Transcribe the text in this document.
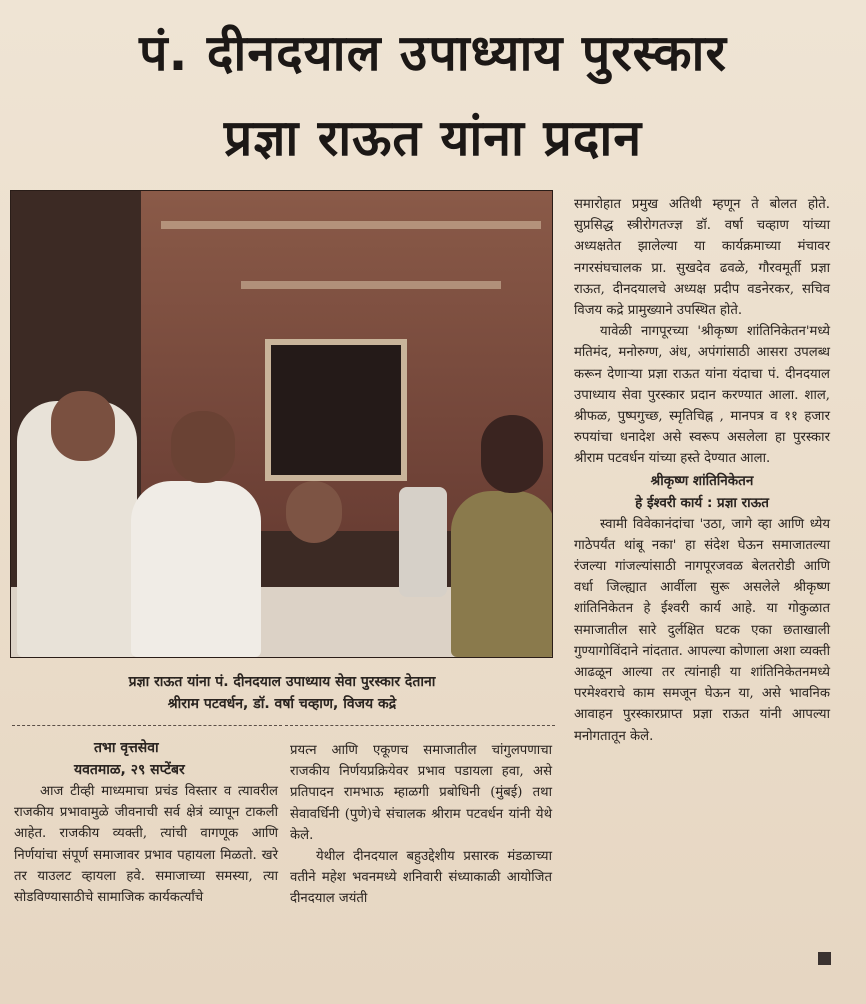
पं. दीनदयाल उपाध्याय पुरस्कार
प्रज्ञा राऊत यांना प्रदान
प्रज्ञा राऊत यांना पं. दीनदयाल उपाध्याय सेवा पुरस्कार देताना
श्रीराम पटवर्धन, डॉ. वर्षा चव्हाण, विजय कद्रे
तभा वृत्तसेवा
यवतमाळ, २९ सप्टेंबर

आज टीव्ही माध्यमाचा प्रचंड विस्तार व त्यावरील राजकीय प्रभावामुळे जीवनाची सर्व क्षेत्रं व्यापून टाकली आहेत. राजकीय व्यक्ती, त्यांची वागणूक आणि निर्णयांचा संपूर्ण समाजावर प्रभाव पहायला मिळतो. खरे तर याउलट व्हायला हवे. समाजाच्या समस्या, त्या सोडविण्यासाठीचे सामाजिक कार्यकर्त्यांचे

प्रयत्न आणि एकूणच समाजातील चांगुलपणाचा राजकीय निर्णयप्रक्रियेवर प्रभाव पडायला हवा, असे प्रतिपादन रामभाऊ म्हाळगी प्रबोधिनी (मुंबई) तथा सेवावर्धिनी (पुणे)चे संचालक श्रीराम पटवर्धन यांनी येथे केले.

येथील दीनदयाल बहुउद्देशीय प्रसारक मंडळाच्या वतीने महेश भवनमध्ये शनिवारी संध्याकाळी आयोजित दीनदयाल जयंती

समारोहात प्रमुख अतिथी म्हणून ते बोलत होते. सुप्रसिद्ध स्त्रीरोगतज्ज्ञ डॉ. वर्षा चव्हाण यांच्या अध्यक्षतेत झालेल्या या कार्यक्रमाच्या मंचावर नगरसंघचालक प्रा. सुखदेव ढवळे, गौरवमूर्ती प्रज्ञा राऊत, दीनदयालचे अध्यक्ष प्रदीप वडनेरकर, सचिव विजय कद्रे प्रामुख्याने उपस्थित होते.

यावेळी नागपूरच्या 'श्रीकृष्ण शांतिनिकेतन'मध्ये मतिमंद, मनोरुग्ण, अंध, अपंगांसाठी आसरा उपलब्ध करून देणाऱ्या प्रज्ञा राऊत यांना यंदाचा पं. दीनदयाल उपाध्याय सेवा पुरस्कार प्रदान करण्यात आला. शाल, श्रीफळ, पुष्पगुच्छ, स्मृतिचिह्न , मानपत्र व ११ हजार रुपयांचा धनादेश असे स्वरूप असलेला हा पुरस्कार श्रीराम पटवर्धन यांच्या हस्ते देण्यात आला.

श्रीकृष्ण शांतिनिकेतन

हे ईश्वरी कार्य : प्रज्ञा राऊत

स्वामी विवेकानंदांचा 'उठा, जागे व्हा आणि ध्येय गाठेपर्यंत थांबू नका' हा संदेश घेऊन समाजातल्या रंजल्या गांजल्यांसाठी नागपूरजवळ बेलतरोडी आणि वर्धा जिल्ह्यात आर्वीला सुरू असलेले श्रीकृष्ण शांतिनिकेतन हे ईश्वरी कार्य आहे. या गोकुळात समाजातील सारे दुर्लक्षित घटक एका छताखाली गुण्यागोविंदाने नांदतात. आपल्या कोणाला अशा व्यक्ती आढळून आल्या तर त्यांनाही या शांतिनिकेतनमध्ये परमेश्वराचे काम समजून घेऊन या, असे भावनिक आवाहन पुरस्कारप्राप्त प्रज्ञा राऊत यांनी आपल्या मनोगतातून केले.
